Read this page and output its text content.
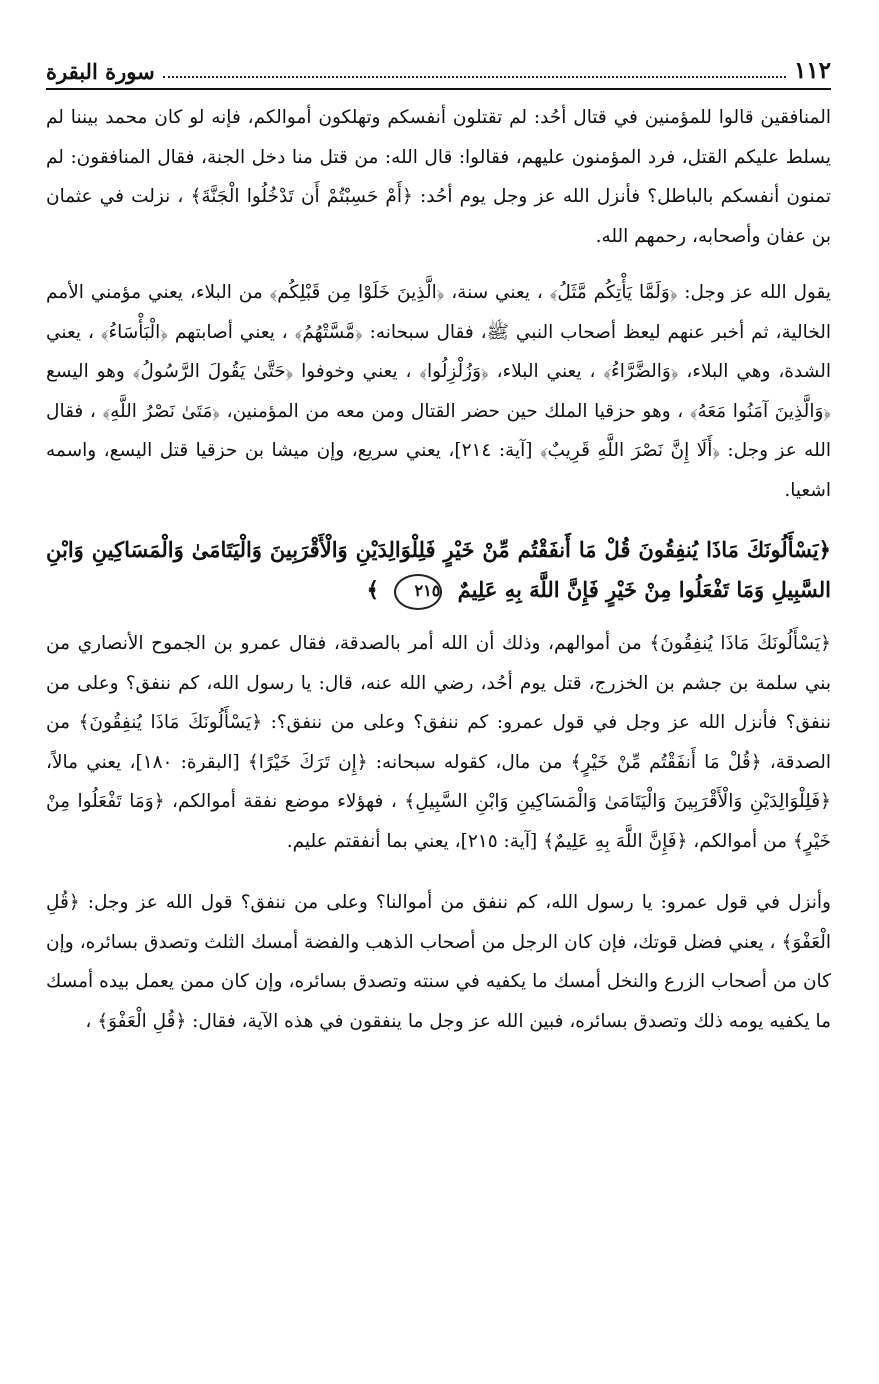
سورة البقرة	١١٢

المنافقين قالوا للمؤمنين في قتال أحُد: لم تقتلون أنفسكم وتهلكون أموالكم، فإنه لو كان محمد بيننا لم يسلط عليكم القتل، فرد المؤمنون عليهم، فقالوا: قال الله: من قتل منا دخل الجنة، فقال المنافقون: لم تمنون أنفسكم بالباطل؟ فأنزل الله عز وجل يوم أحُد: ﴿أَمْ حَسِبْتُمْ أَن تَدْخُلُوا الْجَنَّةَ﴾ ، نزلت في عثمان بن عفان وأصحابه، رحمهم الله.

يقول الله عز وجل: ﴿وَلَمَّا يَأْتِكُم مَّثَلُ﴾ ، يعني سنة، ﴿الَّذِينَ خَلَوْا مِن قَبْلِكُم﴾ من البلاء، يعني مؤمني الأمم الخالية، ثم أخبر عنهم ليعظ أصحاب النبي ﷺ، فقال سبحانه: ﴿مَّسَّتْهُمُ﴾ ، يعني أصابتهم ﴿الْبَأْسَاءُ﴾ ، يعني الشدة، وهي البلاء، ﴿وَالضَّرَّاءُ﴾ ، يعني البلاء، ﴿وَزُلْزِلُوا﴾ ، يعني وخوفوا ﴿حَتَّىٰ يَقُولَ الرَّسُولُ﴾ وهو اليسع ﴿وَالَّذِينَ آمَنُوا مَعَهُ﴾ ، وهو حزقيا الملك حين حضر القتال ومن معه من المؤمنين، ﴿مَتَىٰ نَصْرُ اللَّهِ﴾ ، فقال الله عز وجل: ﴿أَلَا إِنَّ نَصْرَ اللَّهِ قَرِيبٌ﴾ [آية: ٢١٤]، يعني سريع، وإن ميشا بن حزقيا قتل اليسع، واسمه اشعيا.

﴿يَسْأَلُونَكَ مَاذَا يُنفِقُونَ قُلْ مَا أَنفَقْتُم مِّنْ خَيْرٍ فَلِلْوَالِدَيْنِ وَالْأَقْرَبِينَ وَالْيَتَامَىٰ وَالْمَسَاكِينِ وَابْنِ السَّبِيلِ وَمَا تَفْعَلُوا مِنْ خَيْرٍ فَإِنَّ اللَّهَ بِهِ عَلِيمٌ ٢١٥ ﴾

﴿يَسْأَلُونَكَ مَاذَا يُنفِقُونَ﴾ من أموالهم، وذلك أن الله أمر بالصدقة، فقال عمرو بن الجموح الأنصاري من بني سلمة بن جشم بن الخزرج، قتل يوم أحُد، رضي الله عنه، قال: يا رسول الله، كم ننفق؟ وعلى من ننفق؟ فأنزل الله عز وجل في قول عمرو: كم ننفق؟ وعلى من ننفق؟: ﴿يَسْأَلُونَكَ مَاذَا يُنفِقُونَ﴾ من الصدقة، ﴿قُلْ مَا أَنفَقْتُم مِّنْ خَيْرٍ﴾ من مال، كقوله سبحانه: ﴿إِن تَرَكَ خَيْرًا﴾ [البقرة: ١٨٠]، يعني مالاً، ﴿فَلِلْوَالِدَيْنِ وَالْأَقْرَبِينَ وَالْيَتَامَىٰ وَالْمَسَاكِينِ وَابْنِ السَّبِيلِ﴾ ، فهؤلاء موضع نفقة أموالكم، ﴿وَمَا تَفْعَلُوا مِنْ خَيْرٍ﴾ من أموالكم، ﴿فَإِنَّ اللَّهَ بِهِ عَلِيمٌ﴾ [آية: ٢١٥]، يعني بما أنفقتم عليم.

وأنزل في قول عمرو: يا رسول الله، كم ننفق من أموالنا؟ وعلى من ننفق؟ قول الله عز وجل: ﴿قُلِ الْعَفْوَ﴾ ، يعني فضل قوتك، فإن كان الرجل من أصحاب الذهب والفضة أمسك الثلث وتصدق بسائره، وإن كان من أصحاب الزرع والنخل أمسك ما يكفيه في سنته وتصدق بسائره، وإن كان ممن يعمل بيده أمسك ما يكفيه يومه ذلك وتصدق بسائره، فبين الله عز وجل ما ينفقون في هذه الآية، فقال: ﴿قُلِ الْعَفْوَ﴾ ،
